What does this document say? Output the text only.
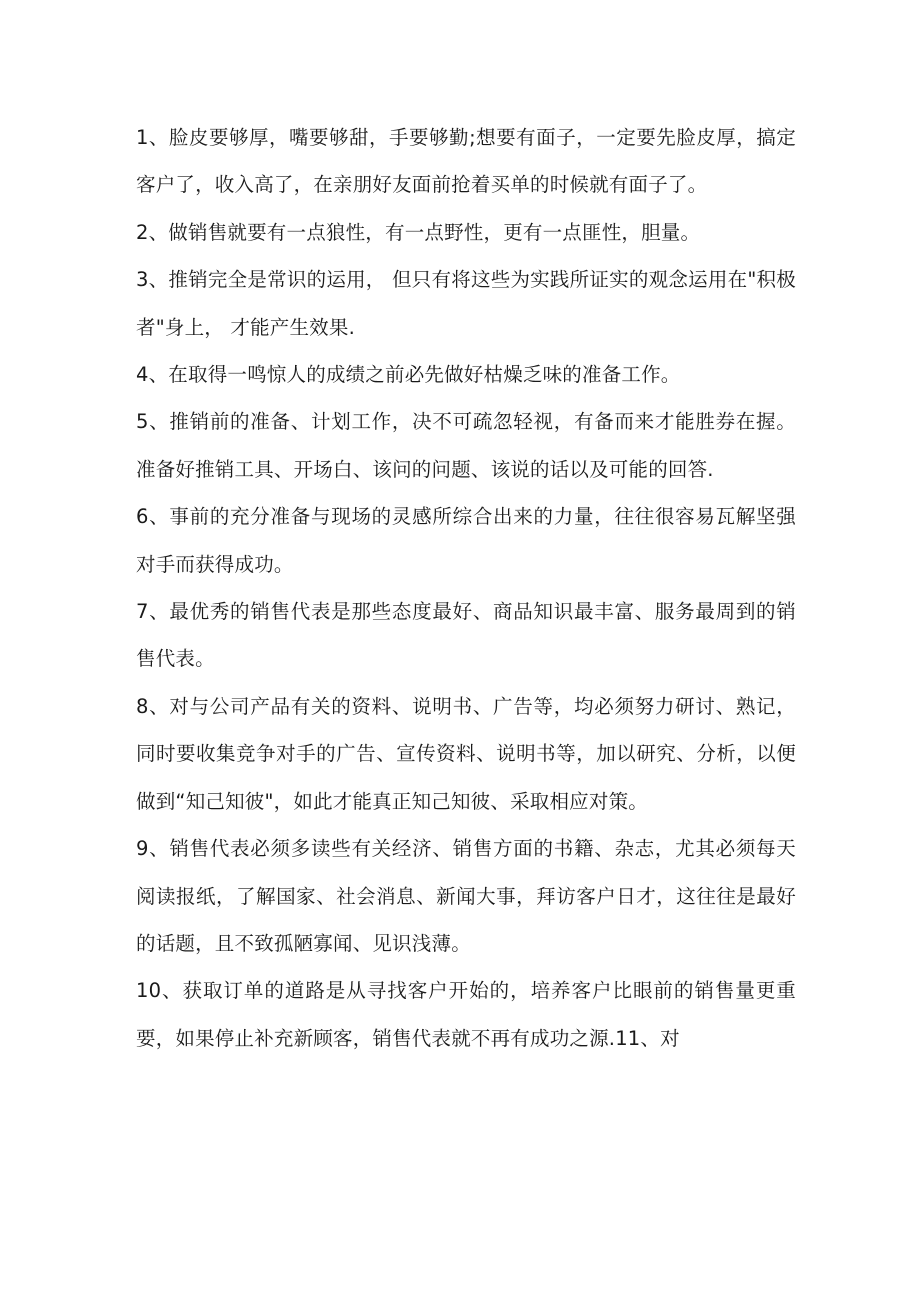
1、脸皮要够厚，嘴要够甜，手要够勤;想要有面子，一定要先脸皮厚，搞定客户了，收入高了，在亲朋好友面前抢着买单的时候就有面子了。

2、做销售就要有一点狼性，有一点野性，更有一点匪性，胆量。

3、推销完全是常识的运用， 但只有将这些为实践所证实的观念运用在"积极者"身上， 才能产生效果.

4、在取得一鸣惊人的成绩之前必先做好枯燥乏味的准备工作。

5、推销前的准备、计划工作，决不可疏忽轻视，有备而来才能胜券在握。准备好推销工具、开场白、该问的问题、该说的话以及可能的回答.

6、事前的充分准备与现场的灵感所综合出来的力量，往往很容易瓦解坚强对手而获得成功。

7、最优秀的销售代表是那些态度最好、商品知识最丰富、服务最周到的销售代表。

8、对与公司产品有关的资料、说明书、广告等，均必须努力研讨、熟记，同时要收集竞争对手的广告、宣传资料、说明书等，加以研究、分析，以便做到“知己知彼"，如此才能真正知己知彼、采取相应对策。

9、销售代表必须多读些有关经济、销售方面的书籍、杂志，尤其必须每天阅读报纸，了解国家、社会消息、新闻大事，拜访客户日才，这往往是最好的话题，且不致孤陋寡闻、见识浅薄。

10、获取订单的道路是从寻找客户开始的，培养客户比眼前的销售量更重要，如果停止补充新顾客，销售代表就不再有成功之源.11、对
